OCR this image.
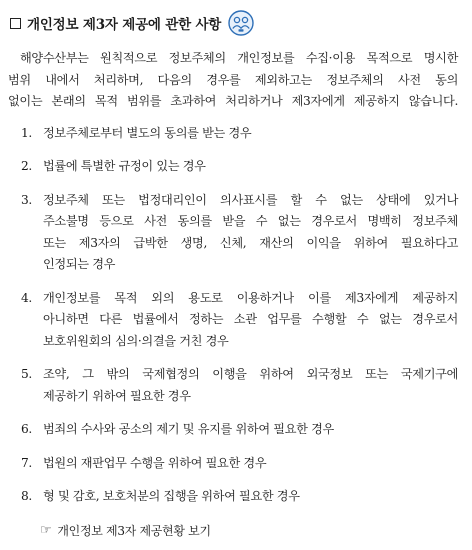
개인정보 제3자 제공에 관한 사항
해양수산부는 원칙적으로 정보주체의 개인정보를 수집·이용 목적으로 명시한
범위 내에서 처리하며, 다음의 경우를 제외하고는 정보주체의 사전 동의
없이는 본래의 목적 범위를 초과하여 처리하거나 제3자에게 제공하지 않습니다.
1. 정보주체로부터 별도의 동의를 받는 경우
2. 법률에 특별한 규정이 있는 경우
3. 정보주체 또는 법정대리인이 의사표시를 할 수 없는 상태에 있거나
주소불명 등으로 사전 동의를 받을 수 없는 경우로서 명백히 정보주체
또는 제3자의 급박한 생명, 신체, 재산의 이익을 위하여 필요하다고
인정되는 경우
4. 개인정보를 목적 외의 용도로 이용하거나 이를 제3자에게 제공하지
아니하면 다른 법률에서 정하는 소관 업무를 수행할 수 없는 경우로서
보호위원회의 심의·의결을 거친 경우
5. 조약, 그 밖의 국제협정의 이행을 위하여 외국정보 또는 국제기구에
제공하기 위하여 필요한 경우
6. 범죄의 수사와 공소의 제기 및 유지를 위하여 필요한 경우
7. 법원의 재판업무 수행을 위하여 필요한 경우
8. 형 및 감호, 보호처분의 집행을 위하여 필요한 경우
☞ 개인정보 제3자 제공현황 보기
